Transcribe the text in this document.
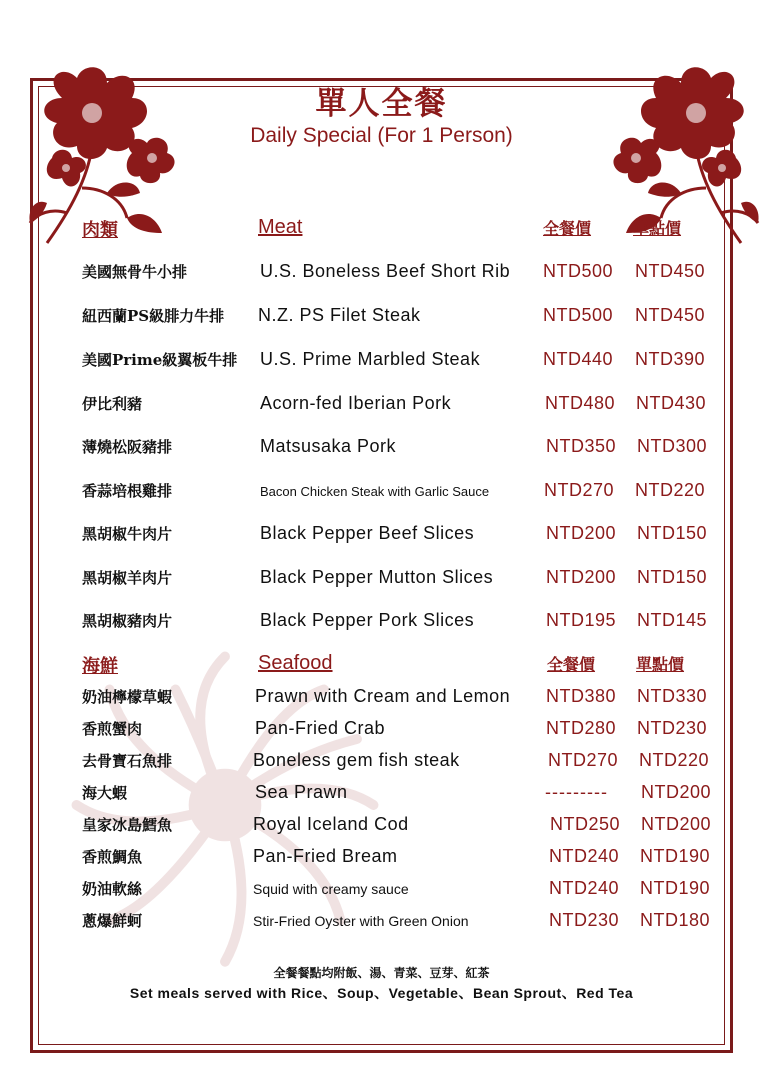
單人全餐
Daily Special (For 1 Person)
肉類	Meat	全餐價	單點價
美國無骨牛小排	U.S. Boneless Beef Short Rib NTD500 NTD450
紐西蘭PS級腓力牛排 N.Z. PS Filet Steak	NTD500 NTD450
美國Prime級翼板牛排 U.S. Prime Marbled Steak	NTD440 NTD390
伊比利豬	Acorn-fed Iberian Pork	NTD480 NTD430
薄燒松阪豬排	Matsusaka Pork	NTD350 NTD300
香蒜培根雞排	Bacon Chicken Steak with Garlic Sauce	NTD270 NTD220
黑胡椒牛肉片	Black Pepper Beef Slices	NTD200 NTD150
黑胡椒羊肉片	Black Pepper Mutton Slices	NTD200 NTD150
黑胡椒豬肉片	Black Pepper Pork Slices	NTD195 NTD145
海鮮	Seafood	全餐價	單點價
奶油檸檬草蝦	Prawn with Cream and Lemon NTD380 NTD330
香煎蟹肉	Pan-Fried Crab	NTD280 NTD230
去骨寶石魚排	Boneless gem fish steak	NTD270 NTD220
海大蝦	Sea Prawn	--------- NTD200
皇家冰島鱈魚	Royal Iceland Cod	NTD250 NTD200
香煎鯛魚	Pan-Fried Bream	NTD240 NTD190
奶油軟絲	Squid with creamy sauce	NTD240 NTD190
蔥爆鮮蚵	Stir-Fried Oyster with Green Onion	NTD230 NTD180
全餐餐點均附飯、湯、青菜、豆芽、紅茶
Set meals served with Rice、Soup、Vegetable、Bean Sprout、Red Tea
